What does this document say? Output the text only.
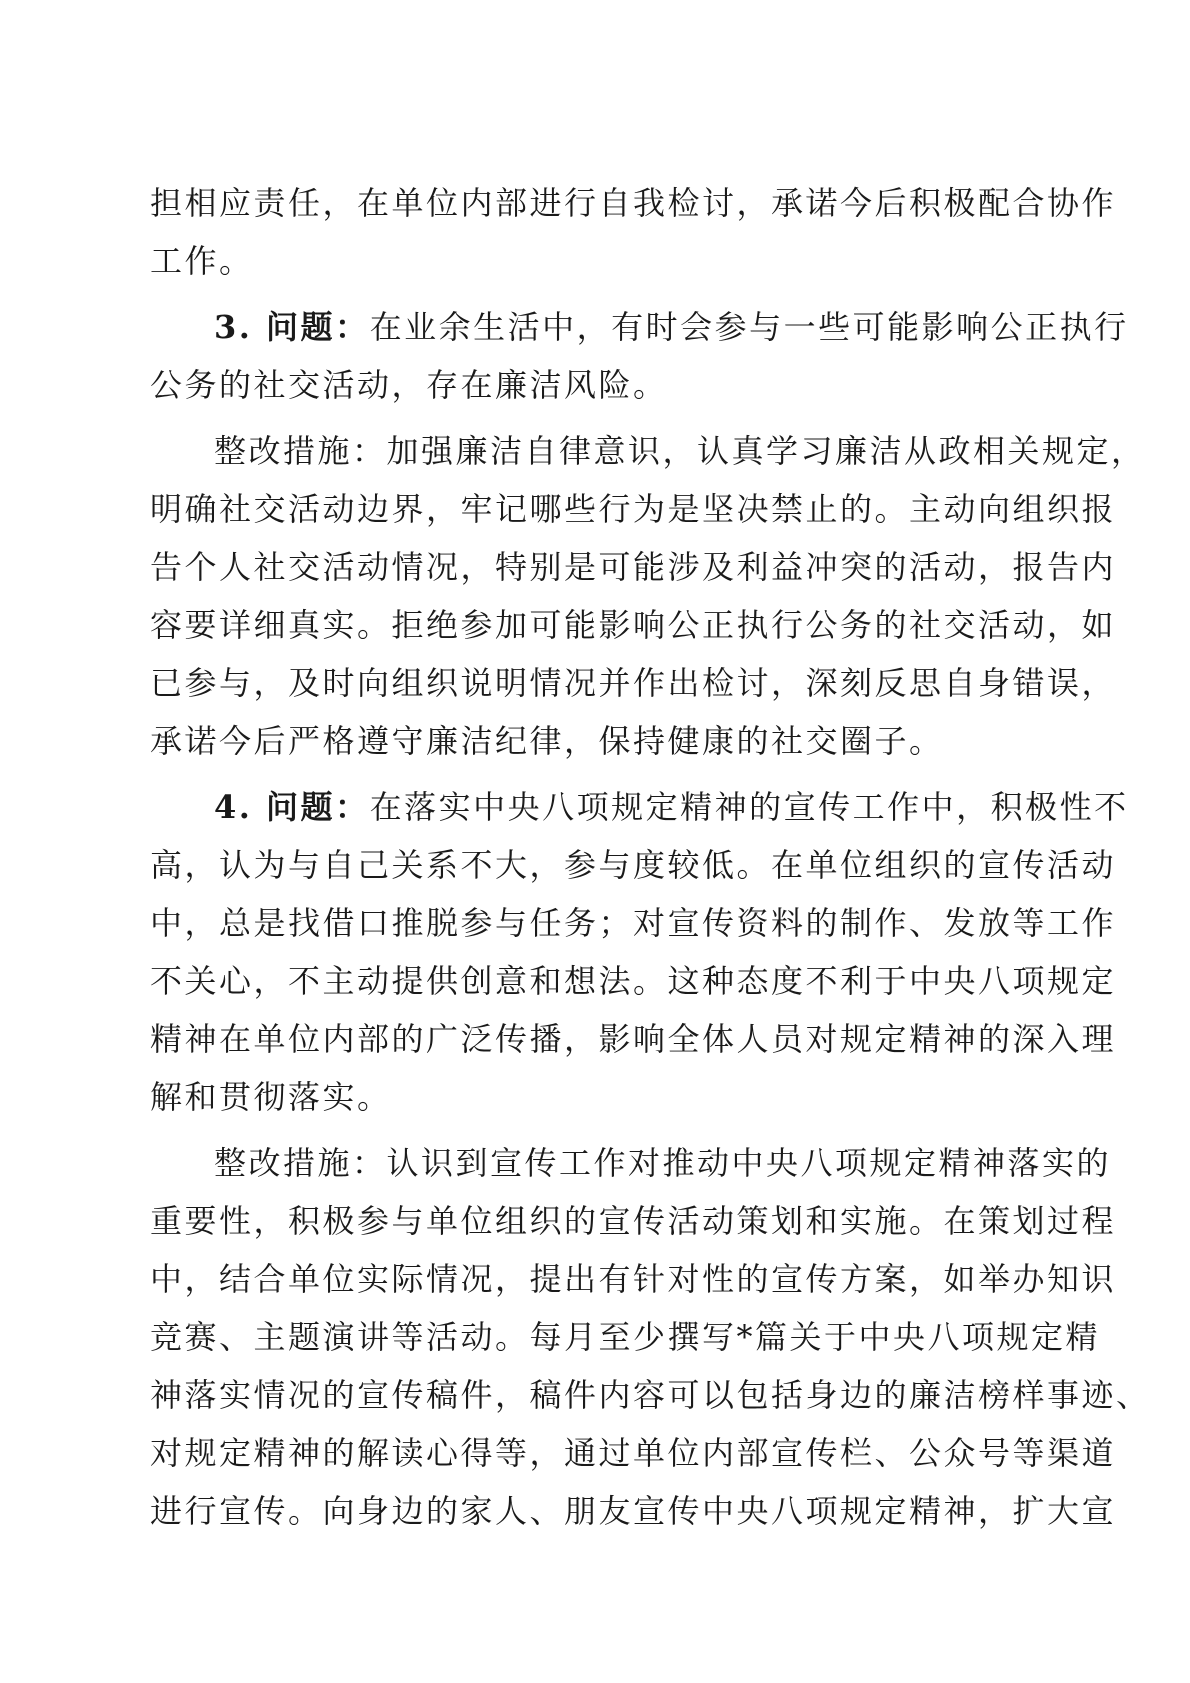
担相应责任，在单位内部进行自我检讨，承诺今后积极配合协作
工作。
3. 问题：在业余生活中，有时会参与一些可能影响公正执行
公务的社交活动，存在廉洁风险。
整改措施：加强廉洁自律意识，认真学习廉洁从政相关规定，
明确社交活动边界，牢记哪些行为是坚决禁止的。主动向组织报
告个人社交活动情况，特别是可能涉及利益冲突的活动，报告内
容要详细真实。拒绝参加可能影响公正执行公务的社交活动，如
已参与，及时向组织说明情况并作出检讨，深刻反思自身错误，
承诺今后严格遵守廉洁纪律，保持健康的社交圈子。
4. 问题：在落实中央八项规定精神的宣传工作中，积极性不
高，认为与自己关系不大，参与度较低。在单位组织的宣传活动
中，总是找借口推脱参与任务；对宣传资料的制作、发放等工作
不关心，不主动提供创意和想法。这种态度不利于中央八项规定
精神在单位内部的广泛传播，影响全体人员对规定精神的深入理
解和贯彻落实。
整改措施：认识到宣传工作对推动中央八项规定精神落实的
重要性，积极参与单位组织的宣传活动策划和实施。在策划过程
中，结合单位实际情况，提出有针对性的宣传方案，如举办知识
竞赛、主题演讲等活动。每月至少撰写*篇关于中央八项规定精
神落实情况的宣传稿件，稿件内容可以包括身边的廉洁榜样事迹、
对规定精神的解读心得等，通过单位内部宣传栏、公众号等渠道
进行宣传。向身边的家人、朋友宣传中央八项规定精神，扩大宣
